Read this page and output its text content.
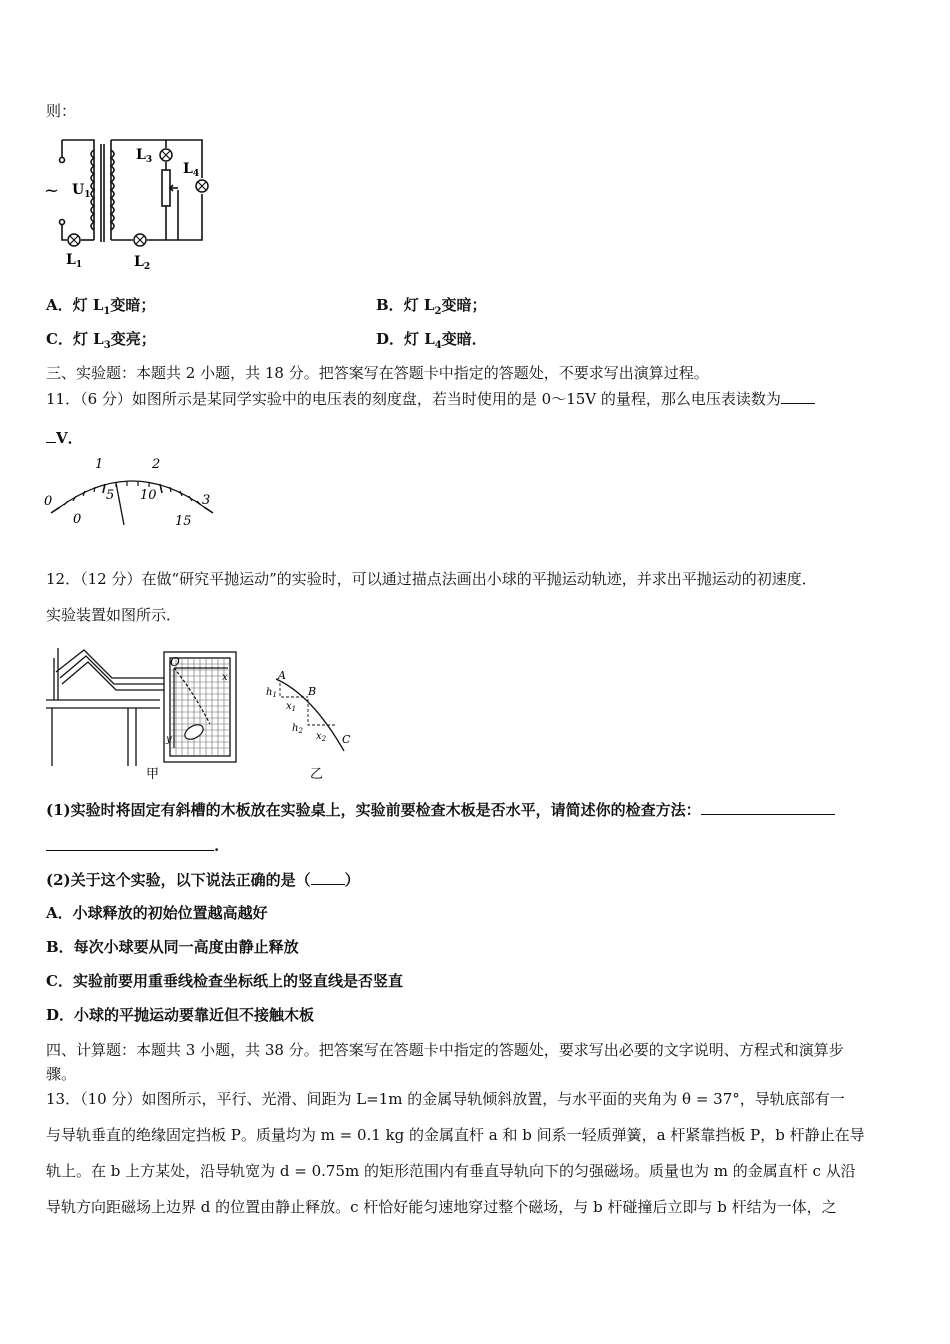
则：
~ $U_1$
$L_1$	$L_2$
$L_3$
$L_4$
A．灯 $L_1$变暗；	B．灯 $L_2$变暗；
C．灯 $L_3$变亮；	D．灯 $L_4$变暗．
三、实验题：本题共 2 小题，共 18 分。把答案写在答题卡中指定的答题处，不要求写出演算过程。
11．（6 分）如图所示是某同学实验中的电压表的刻度盘，若当时使用的是 0～15V 的量程，那么电压表读数为
V．
0
1	2
3
0
5 10
15
12．（12 分）在做“研究平抛运动”的实验时，可以通过描点法画出小球的平抛运动轨迹，并求出平抛运动的初速度．
实验装置如图所示．
O
x
y
甲
A
B
C
$h_1$
$x_1$
$h_2$ $x_2$
乙
(1)实验时将固定有斜槽的木板放在实验桌上，实验前要检查木板是否水平，请简述你的检查方法：
.
(2)关于这个实验，以下说法正确的是（ ）
A．小球释放的初始位置越高越好
B．每次小球要从同一高度由静止释放
C．实验前要用重垂线检查坐标纸上的竖直线是否竖直
D．小球的平抛运动要靠近但不接触木板
四、计算题：本题共 3 小题，共 38 分。把答案写在答题卡中指定的答题处，要求写出必要的文字说明、方程式和演算步
骤。
13．（10 分）如图所示，平行、光滑、间距为 L=1m 的金属导轨倾斜放置，与水平面的夹角为 θ = 37°，导轨底部有一
与导轨垂直的绝缘固定挡板 P。质量均为 m = 0.1 kg 的金属直杆 a 和 b 间系一轻质弹簧，a 杆紧靠挡板 P，b 杆静止在导
轨上。在 b 上方某处，沿导轨宽为 d = 0.75m 的矩形范围内有垂直导轨向下的匀强磁场。质量也为 m 的金属直杆 c 从沿
导轨方向距磁场上边界 d 的位置由静止释放。c 杆恰好能匀速地穿过整个磁场，与 b 杆碰撞后立即与 b 杆结为一体，之
